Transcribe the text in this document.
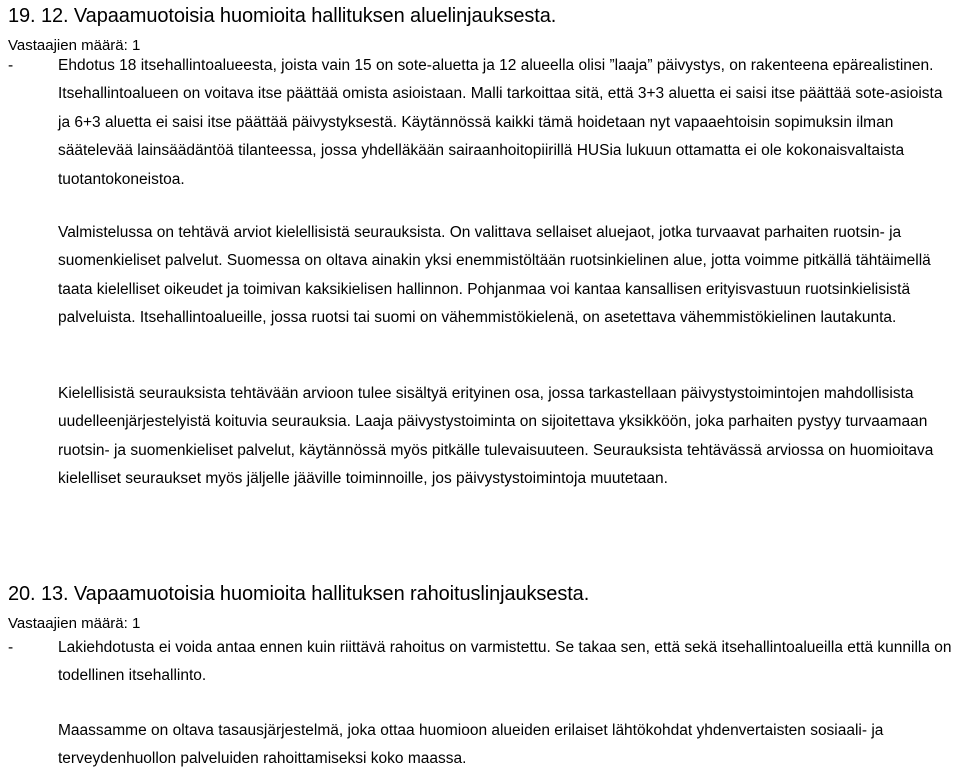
19. 12. Vapaamuotoisia huomioita hallituksen aluelinjauksesta.
Vastaajien määrä: 1
-	Ehdotus 18 itsehallintoalueesta, joista vain 15 on sote-aluetta ja 12 alueella olisi ”laaja” päivystys, on rakenteena epärealistinen. Itsehallintoalueen on voitava itse päättää omista asioistaan. Malli tarkoittaa sitä, että 3+3 aluetta ei saisi itse päättää sote-asioista ja 6+3 aluetta ei saisi itse päättää päivystyksestä. Käytännössä kaikki tämä hoidetaan nyt vapaaehtoisin sopimuksin ilman säätelevää lainsäädäntöä tilanteessa, jossa yhdelläkään sairaanhoitopiirillä HUSia lukuun ottamatta ei ole kokonaisvaltaista tuotantokoneistoa.

Valmistelussa on tehtävä arviot kielellisistä seurauksista. On valittava sellaiset aluejaot, jotka turvaavat parhaiten ruotsin- ja suomenkieliset palvelut. Suomessa on oltava ainakin yksi enemmistöltään ruotsinkielinen alue, jotta voimme pitkällä tähtäimellä taata kielelliset oikeudet ja toimivan kaksikielisen hallinnon. Pohjanmaa voi kantaa kansallisen erityisvastuun ruotsinkielisistä palveluista. Itsehallintoalueille, jossa ruotsi tai suomi on vähemmistökielenä, on asetettava vähemmistökielinen lautakunta.

Kielellisistä seurauksista tehtävään arvioon tulee sisältyä erityinen osa, jossa tarkastellaan päivystystoimintojen mahdollisista uudelleenjärjestelyistä koituvia seurauksia. Laaja päivystystoiminta on sijoitettava yksikköön, joka parhaiten pystyy turvaamaan ruotsin- ja suomenkieliset palvelut, käytännössä myös pitkälle tulevaisuuteen. Seurauksista tehtävässä arviossa on huomioitava kielelliset seuraukset myös jäljelle jääville toiminnoille, jos päivystystoimintoja muutetaan.

20. 13. Vapaamuotoisia huomioita hallituksen rahoituslinjauksesta.
Vastaajien määrä: 1
-	Lakiehdotusta ei voida antaa ennen kuin riittävä rahoitus on varmistettu. Se takaa sen, että sekä itsehallintoalueilla että kunnilla on todellinen itsehallinto.

Maassamme on oltava tasausjärjestelmä, joka ottaa huomioon alueiden erilaiset lähtökohdat yhdenvertaisten sosiaali- ja terveydenhuollon palveluiden rahoittamiseksi koko maassa.
